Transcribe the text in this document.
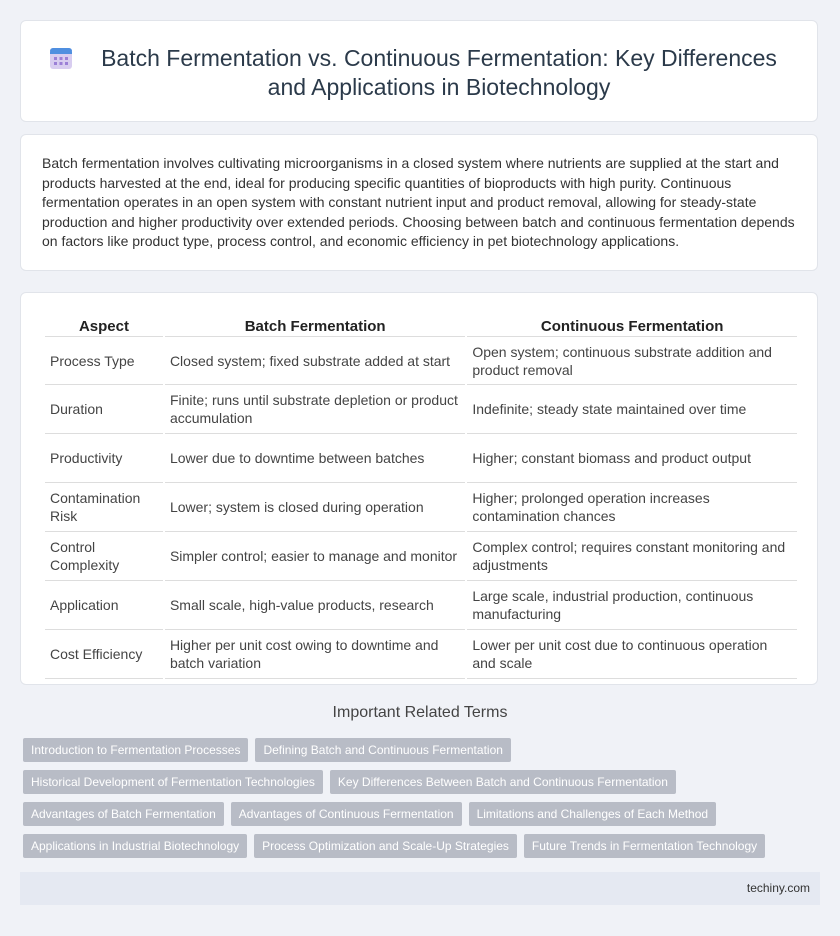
Batch Fermentation vs. Continuous Fermentation: Key Differences and Applications in Biotechnology

Batch fermentation involves cultivating microorganisms in a closed system where nutrients are supplied at the start and products harvested at the end, ideal for producing specific quantities of bioproducts with high purity. Continuous fermentation operates in an open system with constant nutrient input and product removal, allowing for steady-state production and higher productivity over extended periods. Choosing between batch and continuous fermentation depends on factors like product type, process control, and economic efficiency in pet biotechnology applications.

Aspect	Batch Fermentation	Continuous Fermentation
Process Type	Closed system; fixed substrate added at start	Open system; continuous substrate addition and product removal
Duration	Finite; runs until substrate depletion or product accumulation	Indefinite; steady state maintained over time
Productivity	Lower due to downtime between batches	Higher; constant biomass and product output
Contamination Risk	Lower; system is closed during operation	Higher; prolonged operation increases contamination chances
Control Complexity	Simpler control; easier to manage and monitor	Complex control; requires constant monitoring and adjustments
Application	Small scale, high-value products, research	Large scale, industrial production, continuous manufacturing
Cost Efficiency	Higher per unit cost owing to downtime and batch variation	Lower per unit cost due to continuous operation and scale
Important Related Terms
Introduction to Fermentation Processes	Defining Batch and Continuous Fermentation
Historical Development of Fermentation Technologies	Key Differences Between Batch and Continuous Fermentation
Advantages of Batch Fermentation	Advantages of Continuous Fermentation	Limitations and Challenges of Each Method
Applications in Industrial Biotechnology	Process Optimization and Scale-Up Strategies	Future Trends in Fermentation Technology
techiny.com
